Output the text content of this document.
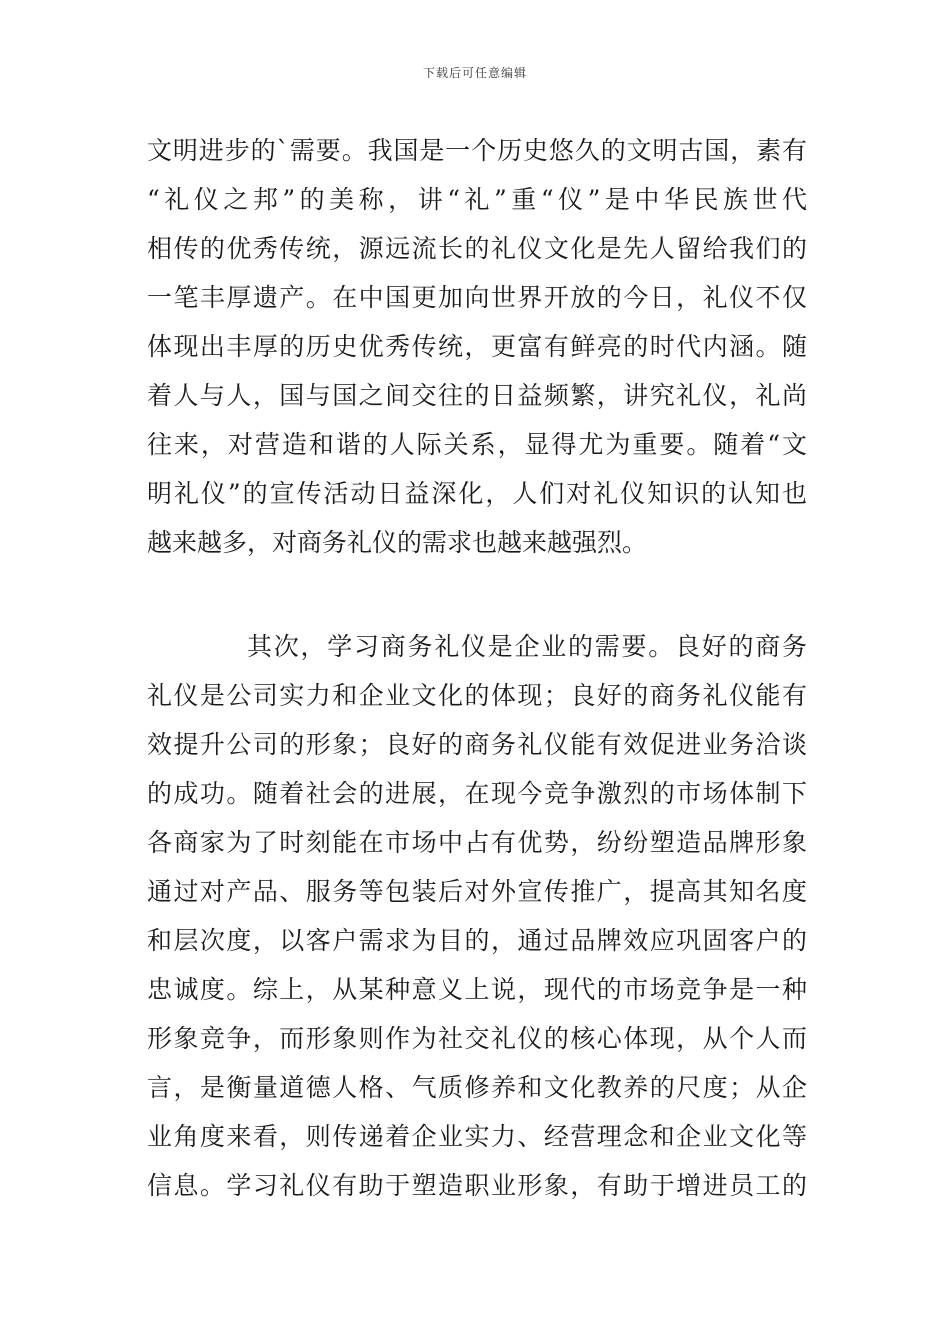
下载后可任意编辑
文明进步的`需要。我国是一个历史悠久的文明古国，素有
“礼仪之邦”的美称，讲“礼”重“仪”是中华民族世代
相传的优秀传统，源远流长的礼仪文化是先人留给我们的
一笔丰厚遗产。在中国更加向世界开放的今日，礼仪不仅
体现出丰厚的历史优秀传统，更富有鲜亮的时代内涵。随
着人与人，国与国之间交往的日益频繁，讲究礼仪，礼尚
往来，对营造和谐的人际关系，显得尤为重要。随着“文
明礼仪”的宣传活动日益深化，人们对礼仪知识的认知也
越来越多，对商务礼仪的需求也越来越强烈。
其次，学习商务礼仪是企业的需要。良好的商务
礼仪是公司实力和企业文化的体现；良好的商务礼仪能有
效提升公司的形象；良好的商务礼仪能有效促进业务洽谈
的成功。随着社会的进展，在现今竞争激烈的市场体制下
各商家为了时刻能在市场中占有优势，纷纷塑造品牌形象
通过对产品、服务等包装后对外宣传推广，提高其知名度
和层次度，以客户需求为目的，通过品牌效应巩固客户的
忠诚度。综上，从某种意义上说，现代的市场竞争是一种
形象竞争，而形象则作为社交礼仪的核心体现，从个人而
言，是衡量道德人格、气质修养和文化教养的尺度；从企
业角度来看，则传递着企业实力、经营理念和企业文化等
信息。学习礼仪有助于塑造职业形象，有助于增进员工的
